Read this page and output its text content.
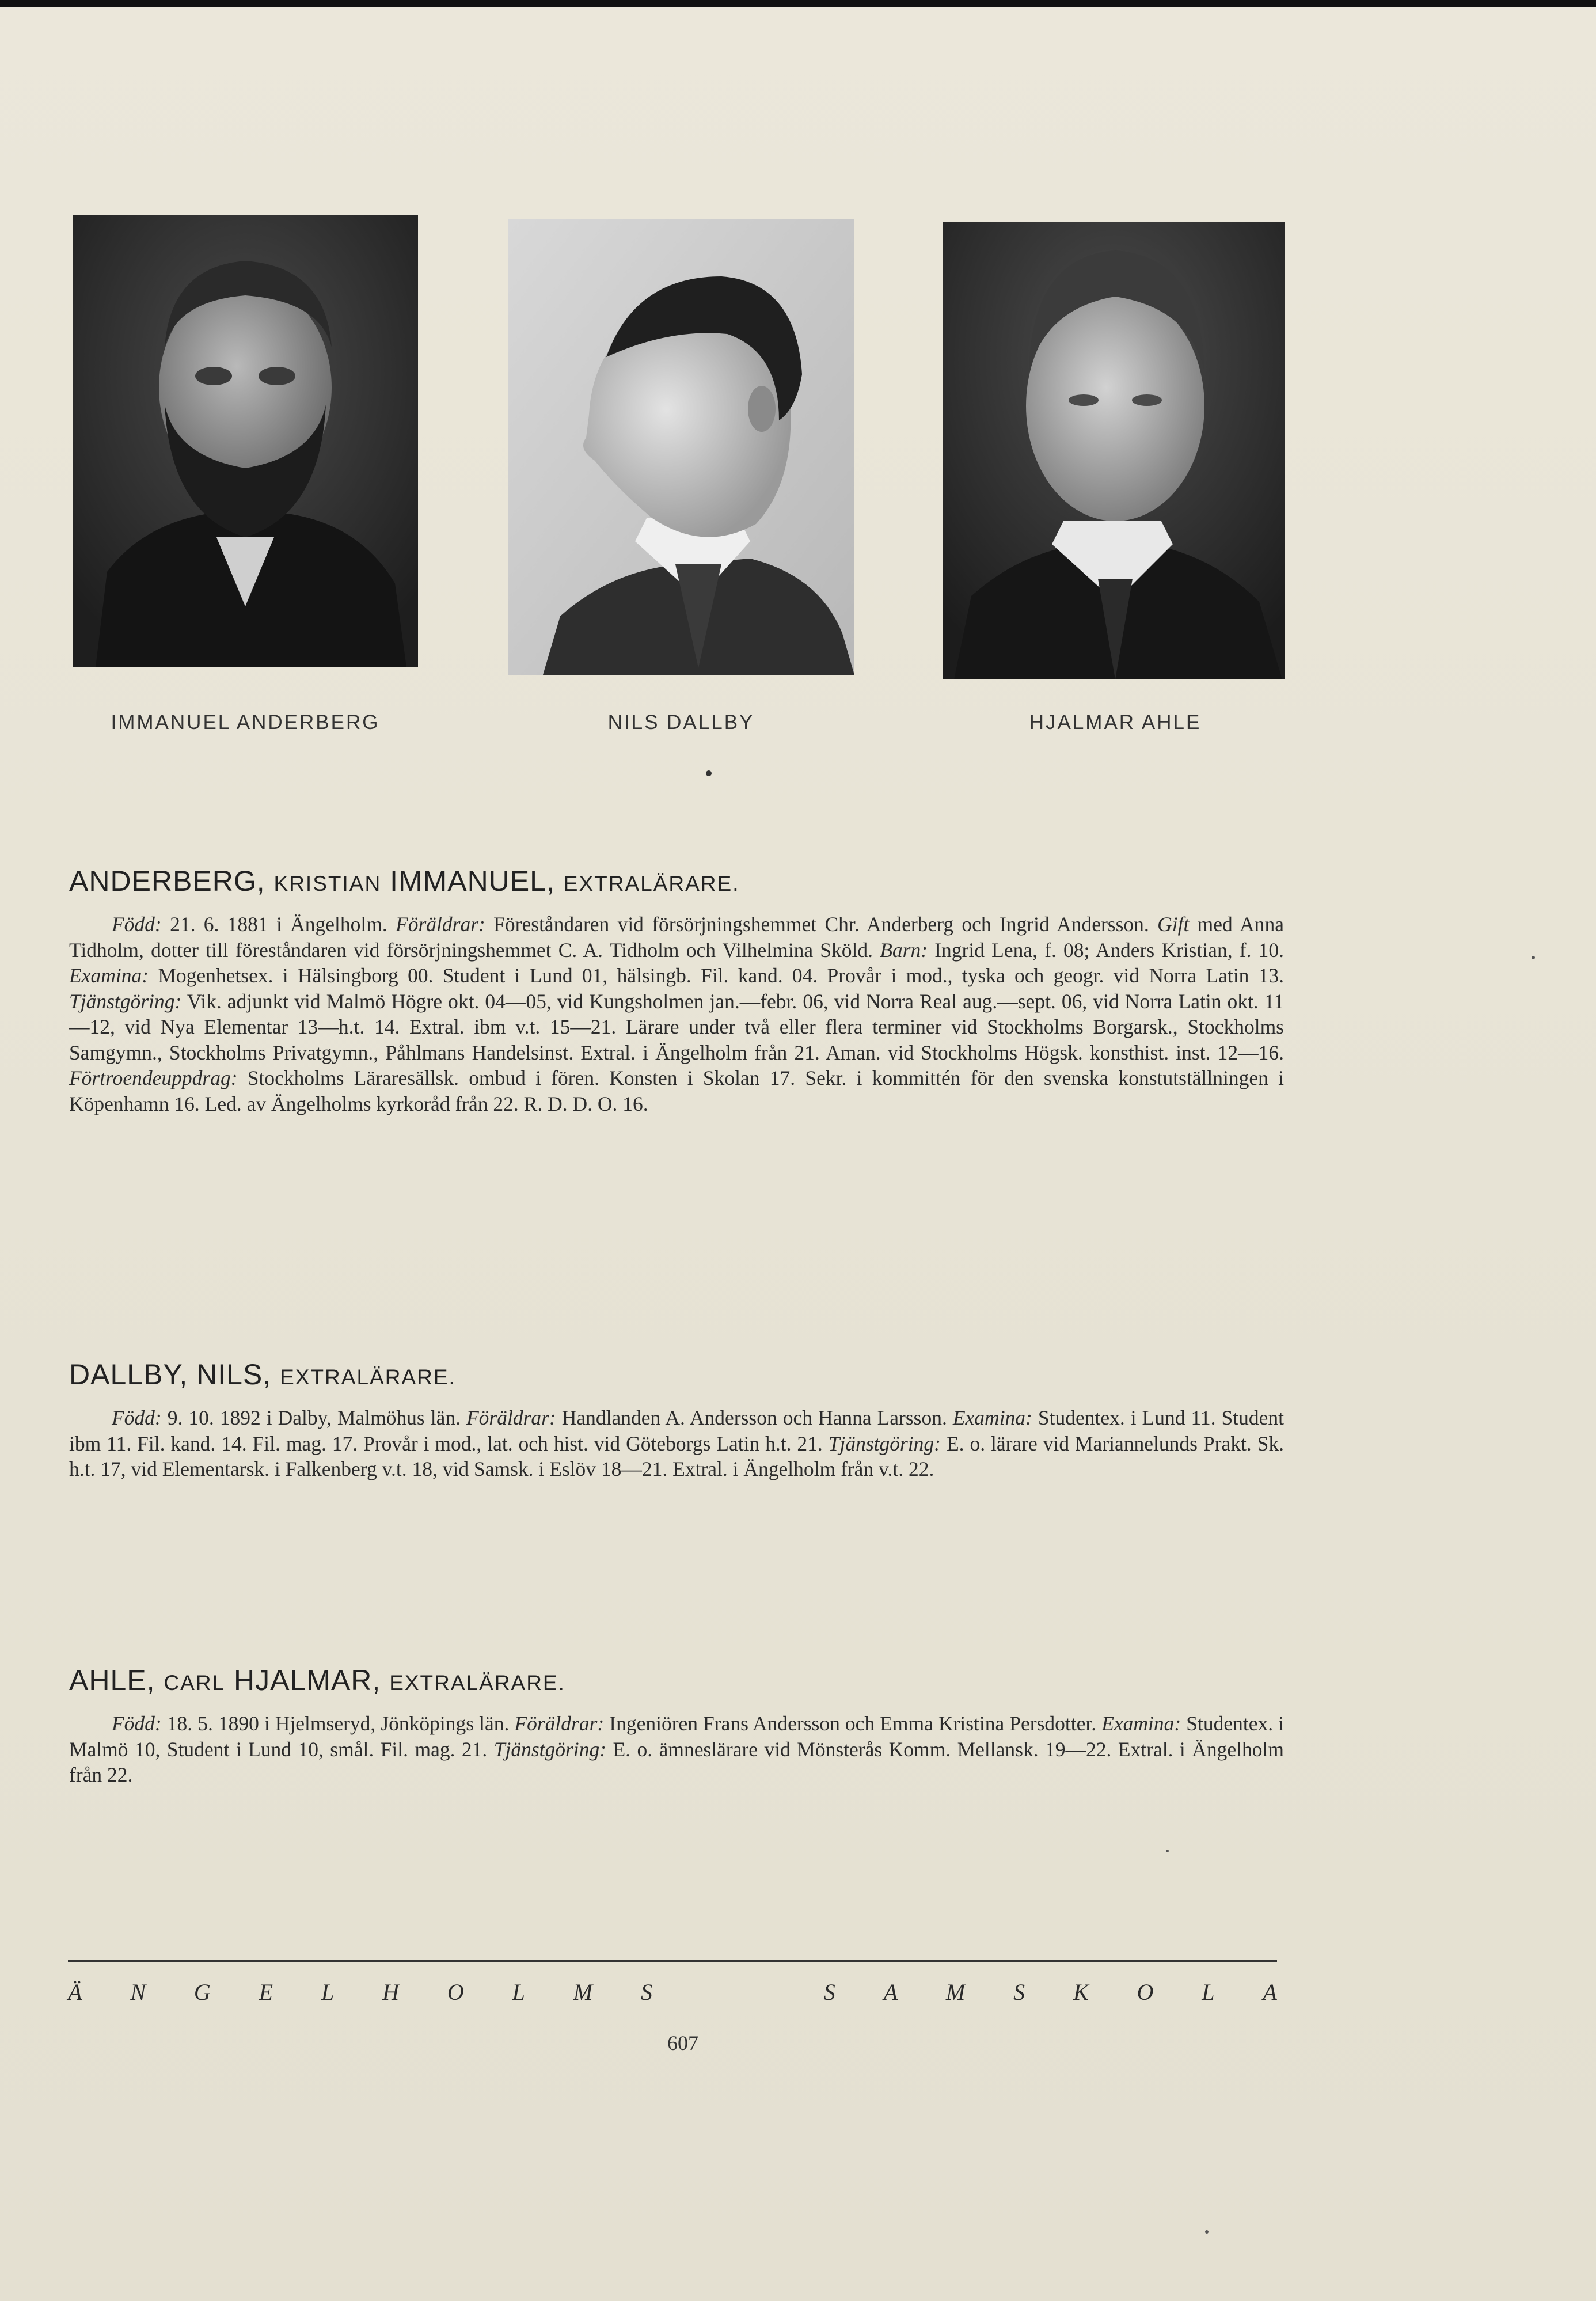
IMMANUEL ANDERBERG	NILS DALLBY	HJALMAR AHLE
ANDERBERG, KRISTIAN IMMANUEL, EXTRALÄRARE.

Född: 21. 6. 1881 i Ängelholm. Föräldrar: Föreståndaren vid försörjningshemmet Chr. Anderberg och Ingrid Andersson. Gift med Anna Tidholm, dotter till föreståndaren vid försörjningshemmet C. A. Tidholm och Vilhelmina Sköld. Barn: Ingrid Lena, f. 08; Anders Kristian, f. 10. Examina: Mogenhetsex. i Hälsingborg 00. Student i Lund 01, hälsingb. Fil. kand. 04. Provår i mod., tyska och geogr. vid Norra Latin 13. Tjänstgöring: Vik. adjunkt vid Malmö Högre okt. 04—05, vid Kungsholmen jan.—febr. 06, vid Norra Real aug.—sept. 06, vid Norra Latin okt. 11—12, vid Nya Elementar 13—h.t. 14. Extral. ibm v.t. 15—21. Lärare under två eller flera terminer vid Stockholms Borgarsk., Stockholms Samgymn., Stockholms Privatgymn., Påhlmans Handelsinst. Extral. i Ängelholm från 21. Aman. vid Stockholms Högsk. konsthist. inst. 12—16. Förtroendeuppdrag: Stockholms Läraresällsk. ombud i fören. Konsten i Skolan 17. Sekr. i kommittén för den svenska konstutställningen i Köpenhamn 16. Led. av Ängelholms kyrkoråd från 22. R. D. D. O. 16.

DALLBY, NILS, EXTRALÄRARE.

Född: 9. 10. 1892 i Dalby, Malmöhus län. Föräldrar: Handlanden A. Andersson och Hanna Larsson. Examina: Studentex. i Lund 11. Student ibm 11. Fil. kand. 14. Fil. mag. 17. Provår i mod., lat. och hist. vid Göteborgs Latin h.t. 21. Tjänstgöring: E. o. lärare vid Mariannelunds Prakt. Sk. h.t. 17, vid Elementarsk. i Falkenberg v.t. 18, vid Samsk. i Eslöv 18—21. Extral. i Ängelholm från v.t. 22.

AHLE, CARL HJALMAR, EXTRALÄRARE.

Född: 18. 5. 1890 i Hjelmseryd, Jönköpings län. Föräldrar: Ingeniören Frans Andersson och Emma Kristina Persdotter. Examina: Studentex. i Malmö 10, Student i Lund 10, smål. Fil. mag. 21. Tjänstgöring: E. o. ämneslärare vid Mönsterås Komm. Mellansk. 19—22. Extral. i Ängelholm från 22.

Ä N G E L H O L M S	S A M S K O L A
607
